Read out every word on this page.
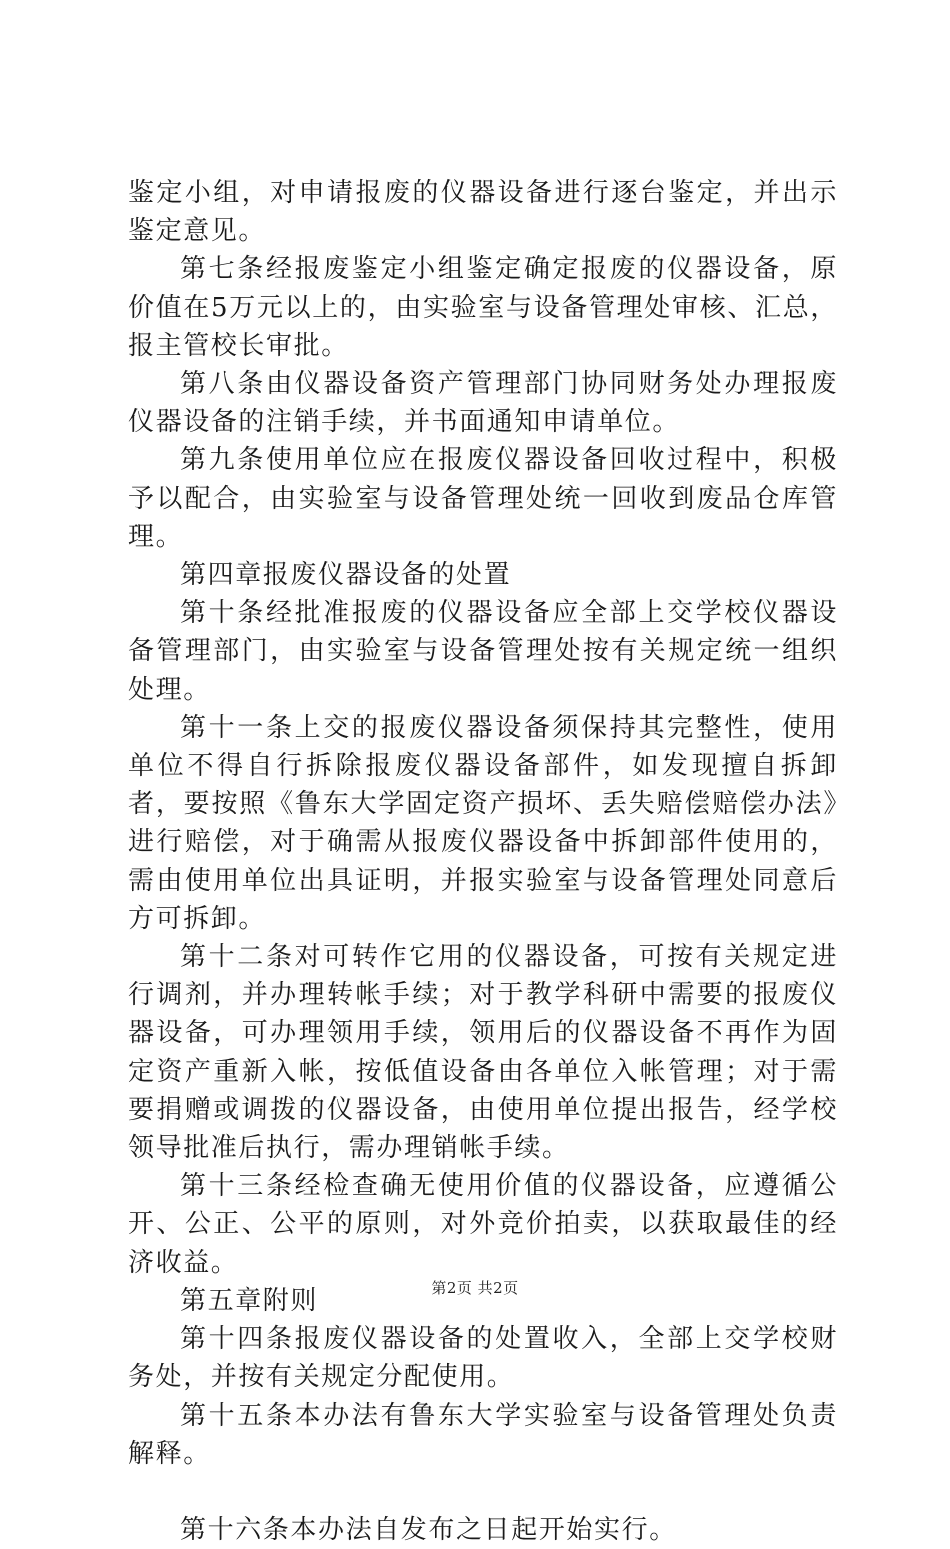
鉴定小组，对申请报废的仪器设备进行逐台鉴定，并出示鉴定意见。

第七条经报废鉴定小组鉴定确定报废的仪器设备，原价值在5万元以上的，由实验室与设备管理处审核、汇总，报主管校长审批。

第八条由仪器设备资产管理部门协同财务处办理报废仪器设备的注销手续，并书面通知申请单位。

第九条使用单位应在报废仪器设备回收过程中，积极予以配合，由实验室与设备管理处统一回收到废品仓库管理。

第四章报废仪器设备的处置

第十条经批准报废的仪器设备应全部上交学校仪器设备管理部门，由实验室与设备管理处按有关规定统一组织处理。

第十一条上交的报废仪器设备须保持其完整性，使用单位不得自行拆除报废仪器设备部件，如发现擅自拆卸者，要按照《鲁东大学固定资产损坏、丢失赔偿赔偿办法》进行赔偿，对于确需从报废仪器设备中拆卸部件使用的，需由使用单位出具证明，并报实验室与设备管理处同意后方可拆卸。

第十二条对可转作它用的仪器设备，可按有关规定进行调剂，并办理转帐手续；对于教学科研中需要的报废仪器设备，可办理领用手续，领用后的仪器设备不再作为固定资产重新入帐，按低值设备由各单位入帐管理；对于需要捐赠或调拨的仪器设备，由使用单位提出报告，经学校领导批准后执行，需办理销帐手续。

第十三条经检查确无使用价值的仪器设备，应遵循公开、公正、公平的原则，对外竞价拍卖，以获取最佳的经济收益。

第五章附则

第十四条报废仪器设备的处置收入，全部上交学校财务处，并按有关规定分配使用。

第十五条本办法有鲁东大学实验室与设备管理处负责解释。

第十六条本办法自发布之日起开始实行。

第2页 共2页
